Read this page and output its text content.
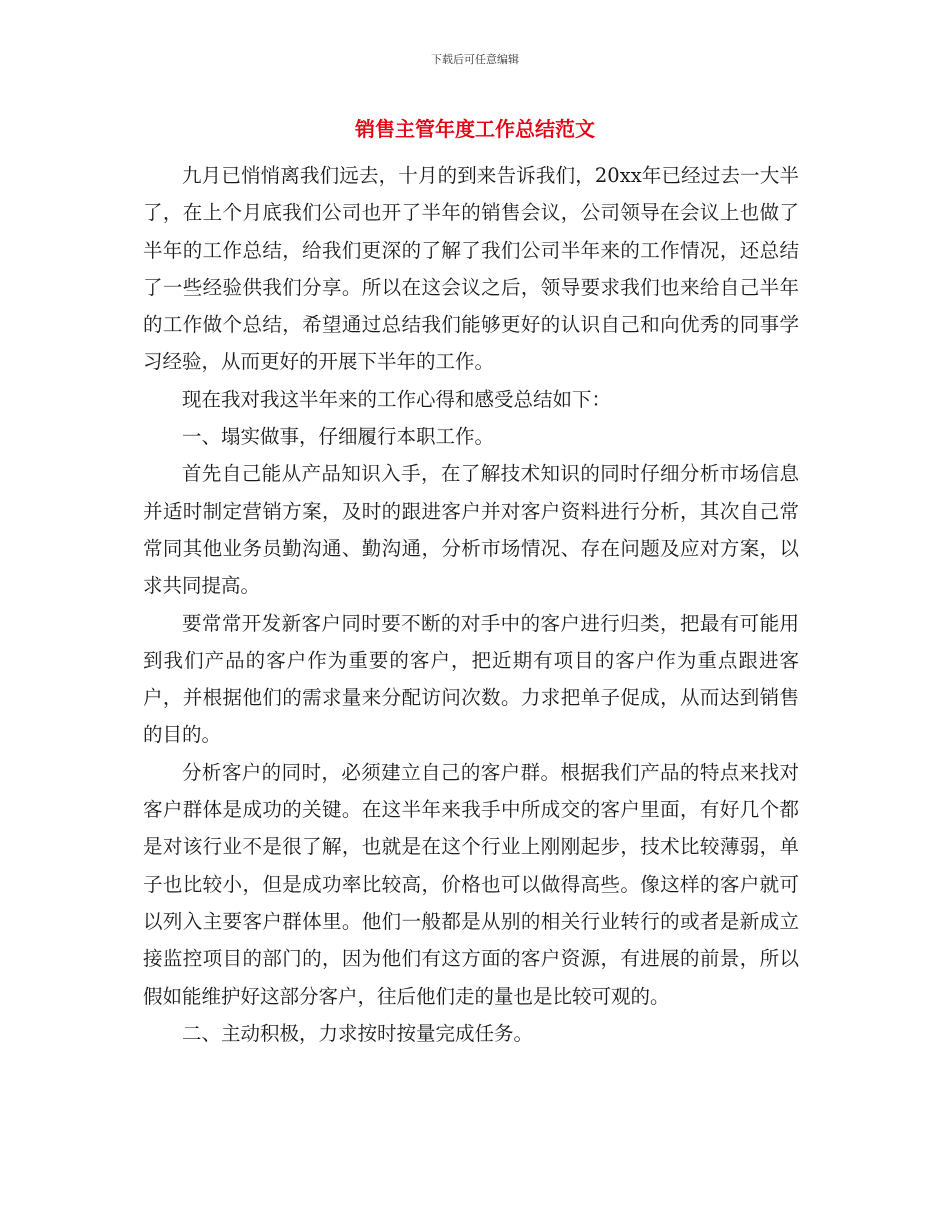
下载后可任意编辑
销售主管年度工作总结范文

九月已悄悄离我们远去，十月的到来告诉我们，20xx年已经过去一大半了，在上个月底我们公司也开了半年的销售会议，公司领导在会议上也做了半年的工作总结，给我们更深的了解了我们公司半年来的工作情况，还总结了一些经验供我们分享。所以在这会议之后，领导要求我们也来给自己半年的工作做个总结，希望通过总结我们能够更好的认识自己和向优秀的同事学习经验，从而更好的开展下半年的工作。

现在我对我这半年来的工作心得和感受总结如下：

一、塌实做事，仔细履行本职工作。

首先自己能从产品知识入手，在了解技术知识的同时仔细分析市场信息并适时制定营销方案，及时的跟进客户并对客户资料进行分析，其次自己常常同其他业务员勤沟通、勤沟通，分析市场情况、存在问题及应对方案，以求共同提高。

要常常开发新客户同时要不断的对手中的客户进行归类，把最有可能用到我们产品的客户作为重要的客户，把近期有项目的客户作为重点跟进客户，并根据他们的需求量来分配访问次数。力求把单子促成，从而达到销售的目的。

分析客户的同时，必须建立自己的客户群。根据我们产品的特点来找对客户群体是成功的关键。在这半年来我手中所成交的客户里面，有好几个都是对该行业不是很了解，也就是在这个行业上刚刚起步，技术比较薄弱，单子也比较小，但是成功率比较高，价格也可以做得高些。像这样的客户就可以列入主要客户群体里。他们一般都是从别的相关行业转行的或者是新成立接监控项目的部门的，因为他们有这方面的客户资源，有进展的前景，所以假如能维护好这部分客户，往后他们走的量也是比较可观的。

二、主动积极，力求按时按量完成任务。
